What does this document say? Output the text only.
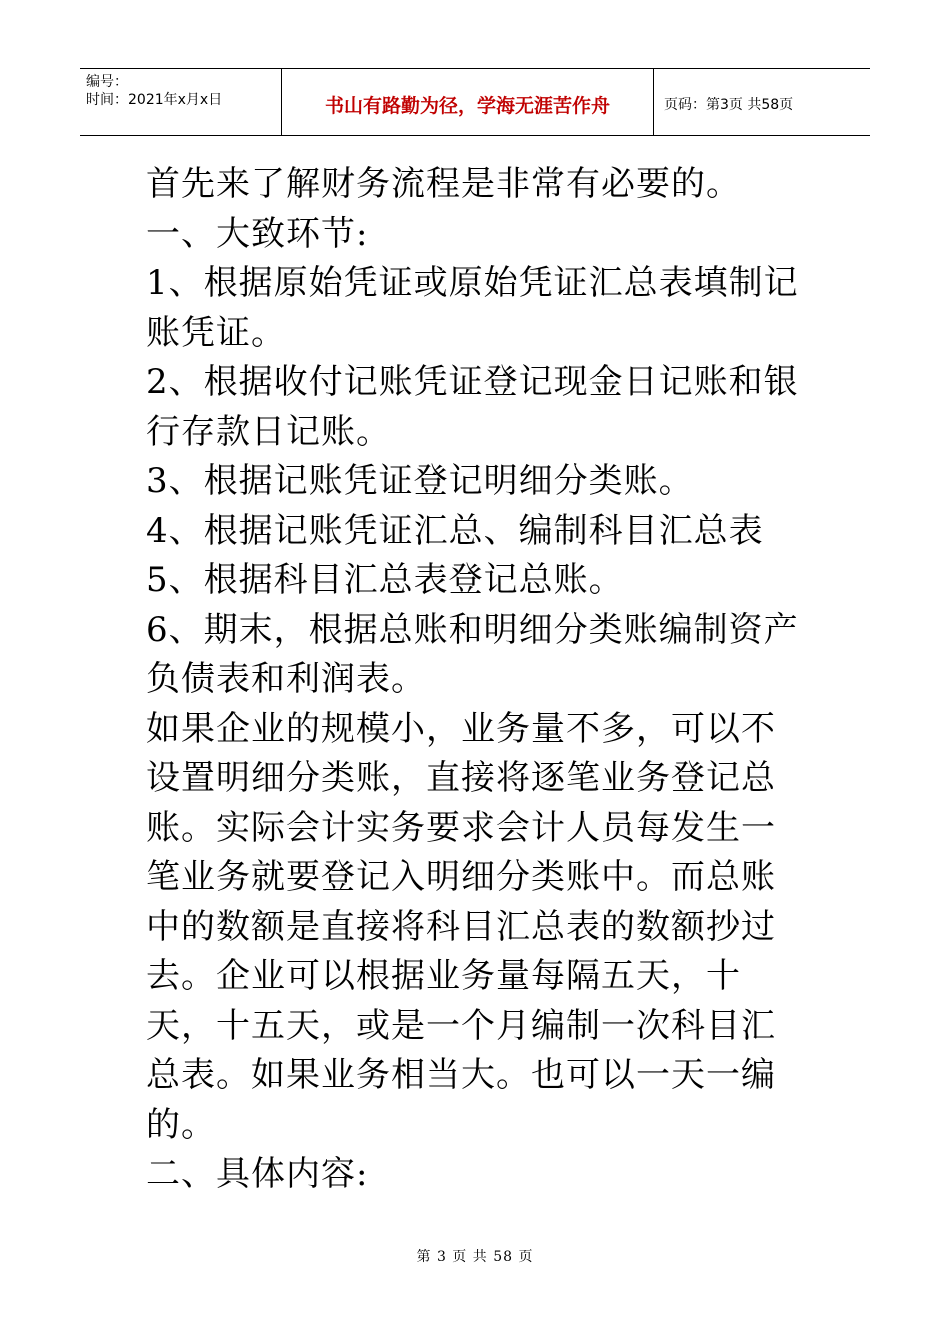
编号：
时间：2021年x月x日	书山有路勤为径，学海无涯苦作舟	页码：第3页 共58页

首先来了解财务流程是非常有必要的。

一、大致环节:

1、根据原始凭证或原始凭证汇总表填制记账凭证。

2、根据收付记账凭证登记现金日记账和银行存款日记账。

3、根据记账凭证登记明细分类账。

4、根据记账凭证汇总、编制科目汇总表

5、根据科目汇总表登记总账。

6、期末，根据总账和明细分类账编制资产负债表和利润表。

如果企业的规模小，业务量不多，可以不设置明细分类账，直接将逐笔业务登记总账。实际会计实务要求会计人员每发生一笔业务就要登记入明细分类账中。而总账中的数额是直接将科目汇总表的数额抄过去。企业可以根据业务量每隔五天，十天，十五天，或是一个月编制一次科目汇总表。如果业务相当大。也可以一天一编的。

二、具体内容:

第 3 页 共 58 页
